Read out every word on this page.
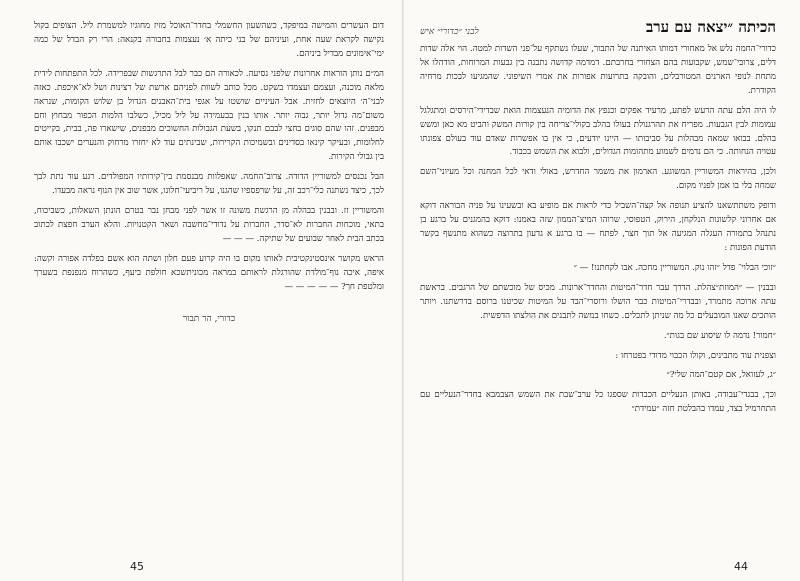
דום העשרים והמישה במיפקד, כשהשעון החשמלי בחדר־האוכל מזיז מחוגיו למשמרת ליל. הצופים בקול נקישה לקראת שעה אחת, ועיניהם של בני כיתה א׳ נעצמות בחבורה בקנאה: הרי רק הבדל של כמה ימי־אימונים מבדיל ביניהם.

המ״ם נותן הוראות אחרונות שלפני נסיעה. לכאורה הם כבר לבל התרגשות שבפרידה. לכל התפתחות לידית מלאה מוכנה, ועצמם ועצמדו בשקט. מכל כותב לשוות לפניהם ארשת של רצינות ושל לא־איכפת. כאזה לבני־ה׳ היוצאים לחזית. אבל העיניים שושטו על אגפי בית־האבנים הגדול בן שלוש הקומות, שנראה משום־מה גדול יותר, גבוה יותר. אותו בנין בבעמידה על ליל מכיל, כשלבו הלמות הכפור מבחוץ וחם מבפנים. זהו שהם סוגים בחצי לבבם תנקו, בשעת הגבולות החשוכים מבפנים, שישארו פה, בבית, בקייטים לחלומות, ובעיקר קינאו בסדינים ובשמיכות הקרירות, שבינתים עוד לא יחזרו מרחוק והנערים ישכבו אותם בין גבולי הקירות.

הבל נכנסים למשוריין הדודה. צרוב־החמה. שאפלוות מבנסמת בין־קירותיו המפולדים. רגע עוד נתת לבך לכך, כיצד נשתנה כלי־רכב זה, על שרפספיו שהגנו, על ריביעי־חלונו, אשר שוב אין הנוף נראה מבעדו.

והמשוריין זז. ובבנין בבהלה מן הרגשת משונה זו אשר לפני מבחן נבר בטרם הונתן השאלות, כשביכוח, בתאי, מוכחות החברות לא־סדר, החברות על נדודי־מחשבה ושאר הקטנויות. והלא הערב חפצת לכתוב בכתב הבית לאחר שבועים של שתיקה. — — —

הראש מקושר אינסטינקטיבית לאותו מקום בו היה קרוע פעם חלון ושתה הוא אשם בפלדה אפורה וקשה: איפה, איכה נוף־מולדת שהורגלת לראותם במראה מכוניתשכא חולפת ביעף, כשהרוח מנפנפת בשערך ומלטפת חך? — — — — —

כדורי, הר תבור
45
הכיתה ״יצאה עם ערב
לבני ״כדורי״ איש

כדורי־החמה נלש אל מאחורי דמותו האיתנה של התבור, שעלו נשתקף על־פני השדות למטה. הוי אלה שדות דלים, צרובי־שמש, שקבועות בהם הצחורי בחרבתם. דמדמה קדושה נתבנה בין גבעות המרוחות, הודהלו אל מתחת לנופי הארנים המטורבלים, והובקה בתרועות אפורות את אמרי השיפוני. שהמגיעו לבכות מרחיה הקודרת.

לו היה הלם עתה הרעש לפתע, מרעיד אפקים וכנפץ את הדומיה הנעצמות הואת שבדידי־הירסים ומתגלגל עמומות לבין הגבעות. מפריח את תהרגנולת בעולו בהלב בקולי־צריחה בין קורות המשק והביט מא כאן ומשש בהלם. בבואו שמאה מבהלות על סביבותו — היינו יודעים, כי אין בו אפשרות שאדם עוד בעולם צפונתו עטויה הנחותה. כי הם נדמים לשמוע מתהומות הגדולים, ולבוא את השמש בכבוד.

ולכן, בהיראות המשוריין המשוגע. הארמון את משמר החדרש, באולי ודאי לכל המחנה וכל מעיוני־השם שמחה בלי בו אמן לפניו מקום.

ודופק משתתשאנו להציע תנופה אל קצה־השביל כדי לראות אם מופיע בא ובשעינו על פניה הבוראה דוקא אם אחרוני קלשונות הנלקחן, הירוק, הטפוסי, שרוהו המיצ־הממון שזה באמנו: דוקא בהמגנים על ברגע בן נתנהל בתמורה העגלה המגיעה אל תוך חצר, לפתח — בו ברגע א גדעון בתרוצה כשהוא מתנשף בקשר הודעת הפונות :

״זוכי הבלוי־ פדל ״זהו נוק. המשוריין מחכה. אבו לקחתנו! — ״

ובבנין — ״המוזת״צהלת. הדרך עבר חדר־המיטות והחדר־ארונות. מכיס של מוכשתם של הרגבים. בראשת עתה ארוכה מתמרד, ובבדרי־המיטות כבר הושלו ורוסרי־הבד על המיטות שכיטנו ברוסם בדרשתנו. ויותר הותכים שאנו המובעלים כל מה שניתן לתכלים. כשחו במשה לתבנים את הולצתו הדפשית.

״חמור! נדמה לו שיסוע שם בגות״.

וצפנית עוד מתבינים, וקולו הכבוי מדודי בפטרחו :

״ג, לעזואל, אם קטם־המה שלי?״

וכך, בבגדי־עבודה, באותן הנעליים הכבדות שספגו כל ערב־שבת את השמש הצבמבא בחדר־הנעליים עם התחרמיל בצד, עמדו בהבלטת חזה ״עמידת״

44
